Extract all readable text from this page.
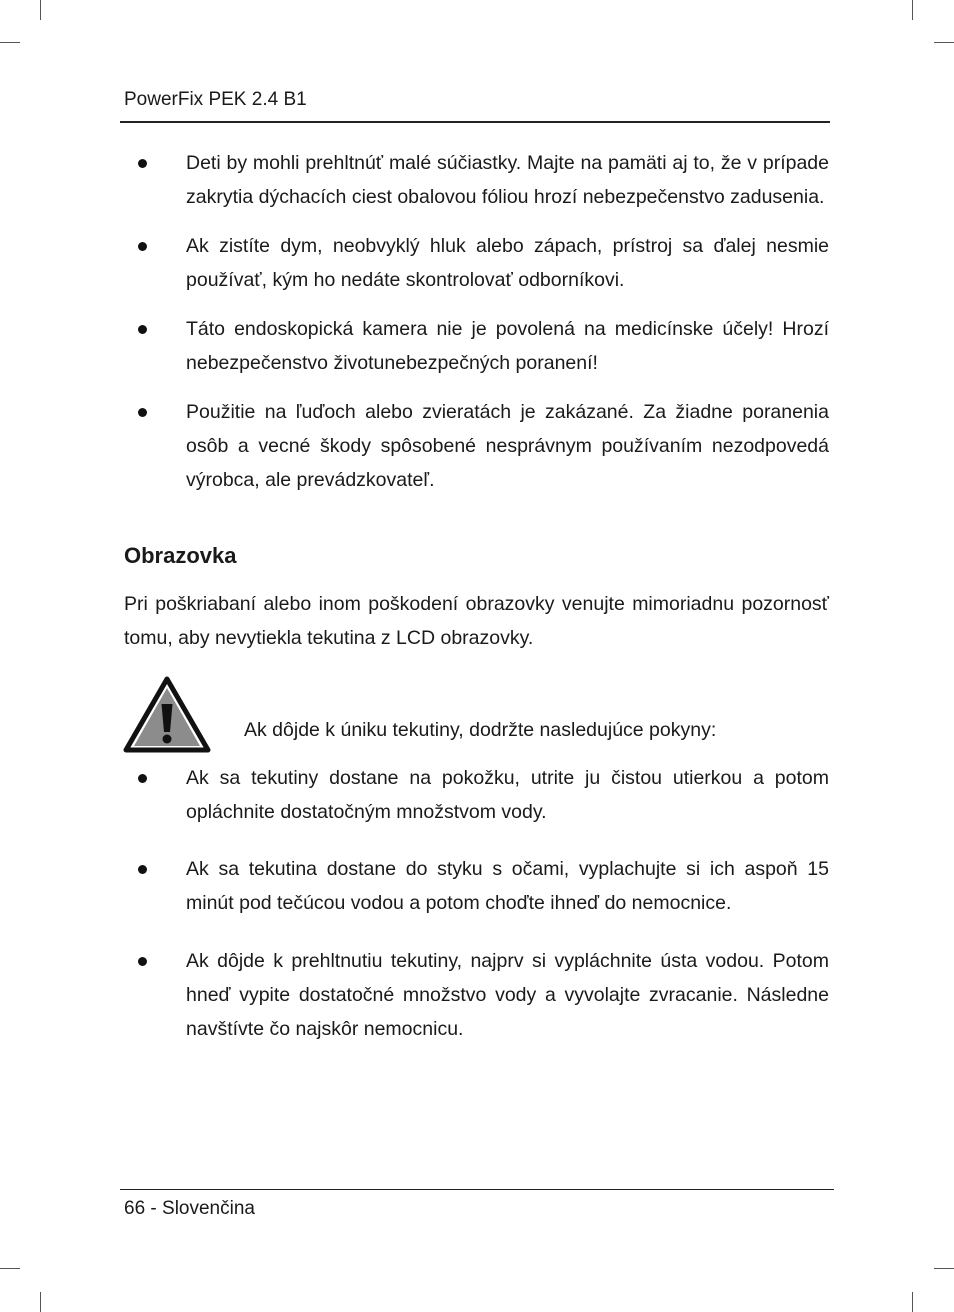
PowerFix PEK 2.4 B1
Deti by mohli prehltnúť malé súčiastky. Majte na pamäti aj to, že v prípade zakrytia dýchacích ciest obalovou fóliou hrozí nebezpečenstvo zadusenia.
Ak zistíte dym, neobvyklý hluk alebo zápach, prístroj sa ďalej nesmie používať, kým ho nedáte skontrolovať odborníkovi.
Táto endoskopická kamera nie je povolená na medicínske účely! Hrozí nebezpečenstvo životunebezpečných poranení!
Použitie na ľuďoch alebo zvieratách je zakázané. Za žiadne poranenia osôb a vecné škody spôsobené nesprávnym používaním nezodpovedá výrobca, ale prevádzkovateľ.
Obrazovka
Pri poškriabaní alebo inom poškodení obrazovky venujte mimoriadnu pozornosť tomu, aby nevytiekla tekutina z LCD obrazovky.
Ak dôjde k úniku tekutiny, dodržte nasledujúce pokyny:
Ak sa tekutiny dostane na pokožku, utrite ju čistou utierkou a potom opláchnite dostatočným množstvom vody.
Ak sa tekutina dostane do styku s očami, vyplachujte si ich aspoň 15 minút pod tečúcou vodou a potom choďte ihneď do nemocnice.
Ak dôjde k prehltnutiu tekutiny, najprv si vypláchnite ústa vodou. Potom hneď vypite dostatočné množstvo vody a vyvolajte zvracanie. Následne navštívte čo najskôr nemocnicu.
66 - Slovenčina
